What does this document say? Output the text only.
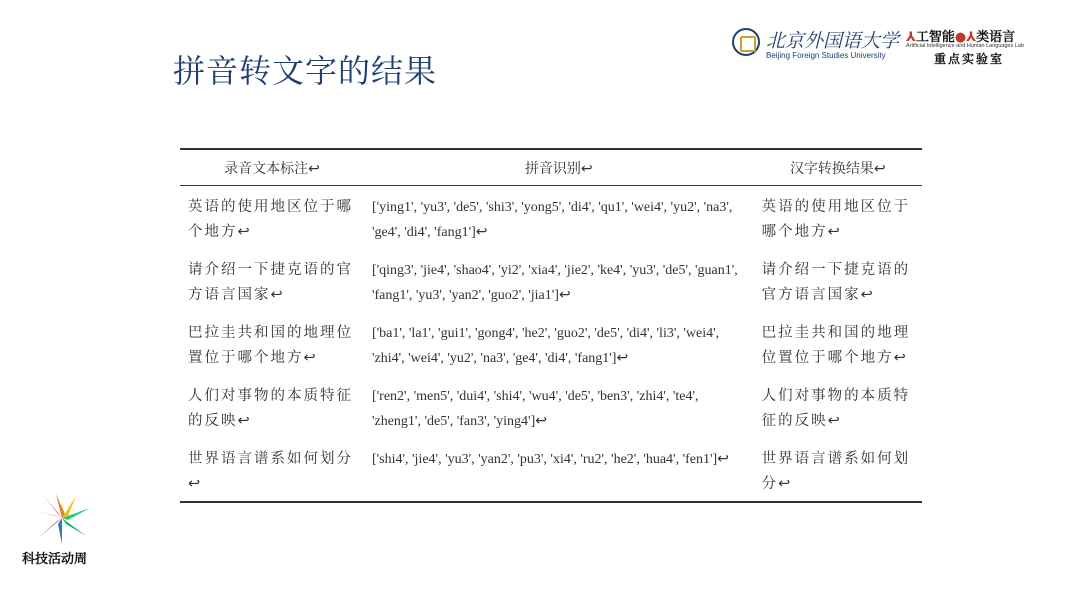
拼音转文字的结果
北京外国语大学
Beijing Foreign Studies University
⅄工智能●⅄类语言
Artificial Intelligence and Human Languages Lab
重点实验室
录音文本标注↩	拼音识别↩	汉字转换结果↩
英语的使用地区位于哪个地方↩	['ying1', 'yu3', 'de5', 'shi3', 'yong5', 'di4', 'qu1', 'wei4', 'yu2', 'na3', 'ge4', 'di4', 'fang1']↩	英语的使用地区位于哪个地方↩
请介绍一下捷克语的官方语言国家↩	['qing3', 'jie4', 'shao4', 'yi2', 'xia4', 'jie2', 'ke4', 'yu3', 'de5', 'guan1', 'fang1', 'yu3', 'yan2', 'guo2', 'jia1']↩	请介绍一下捷克语的官方语言国家↩
巴拉圭共和国的地理位置位于哪个地方↩	['ba1', 'la1', 'gui1', 'gong4', 'he2', 'guo2', 'de5', 'di4', 'li3', 'wei4', 'zhi4', 'wei4', 'yu2', 'na3', 'ge4', 'di4', 'fang1']↩	巴拉圭共和国的地理位置位于哪个地方↩
人们对事物的本质特征的反映↩	['ren2', 'men5', 'dui4', 'shi4', 'wu4', 'de5', 'ben3', 'zhi4', 'te4', 'zheng1', 'de5', 'fan3', 'ying4']↩	人们对事物的本质特征的反映↩
世界语言谱系如何划分↩	['shi4', 'jie4', 'yu3', 'yan2', 'pu3', 'xi4', 'ru2', 'he2', 'hua4', 'fen1']↩	世界语言谱系如何划分↩
科技活动周
